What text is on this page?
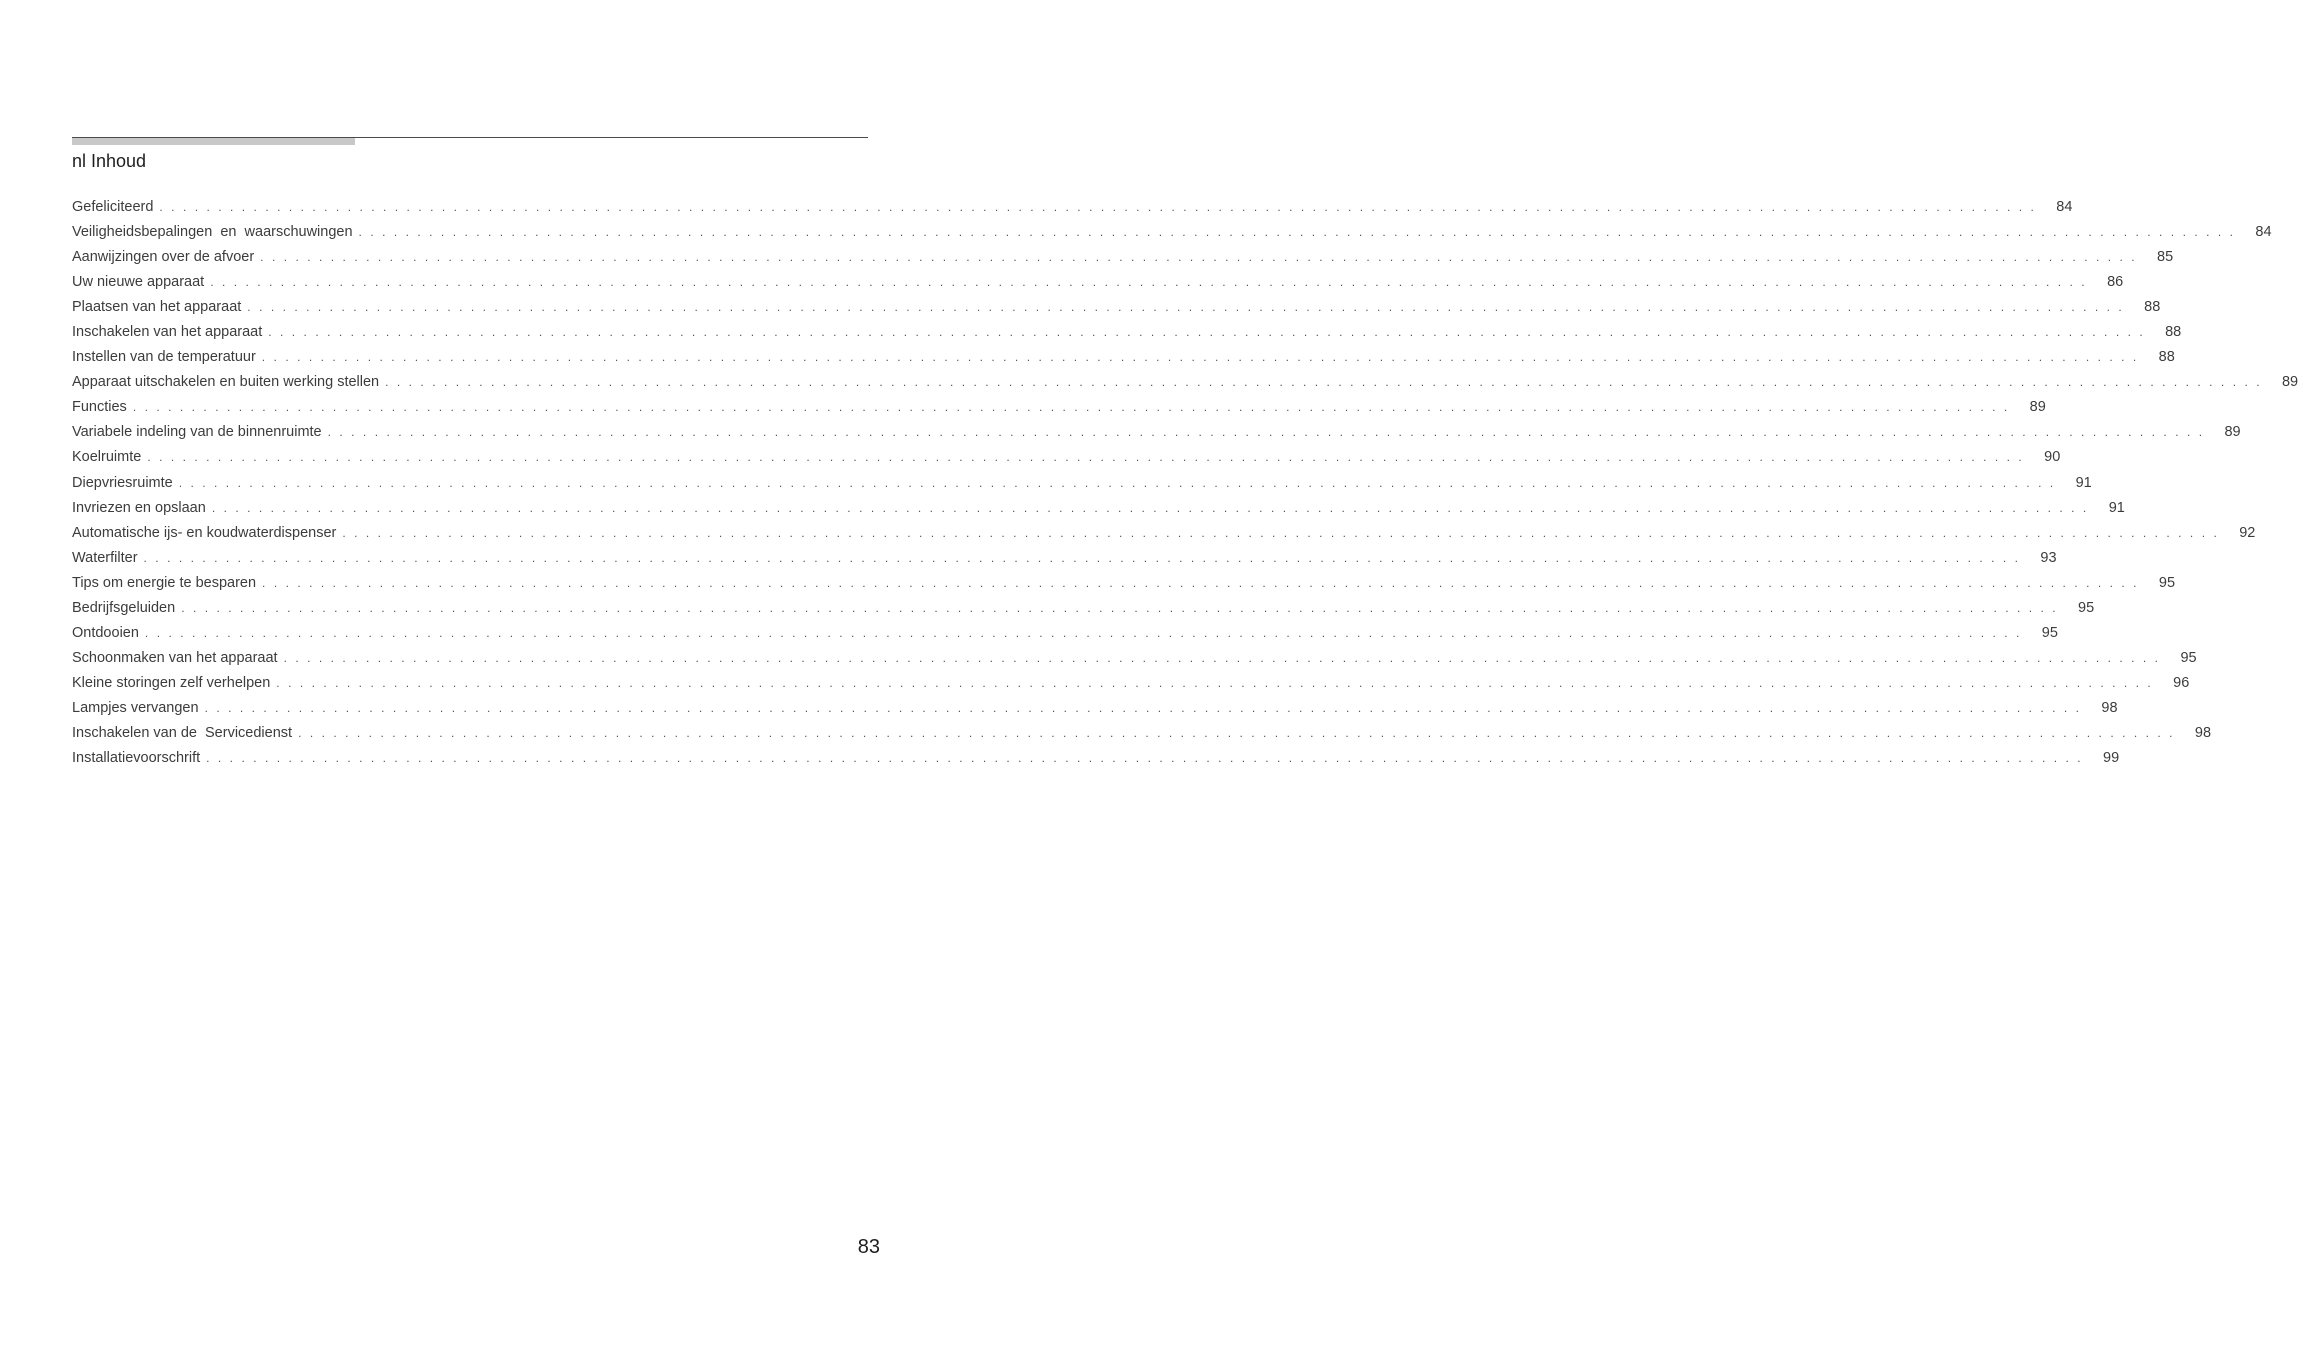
nl Inhoud
Gefeliciteerd . . . . . . . . . . . . . . . . . . . . . . . . . . . . . . . . . . . . . . . . . . . . . . . . . . . . . . . . . . . . . . . . . . . . . . . . . . . . . . . . . . . . . . . . . . . . . . . . . . . . . . . . . . . . . . . . . . . . . . . . . . . . . . . . . . . . . . . . . . . . . . . . . . . . . . . . . . . . . . . .	84
Veiligheidsbepalingen  en  waarschuwingen . . . . . . . . . . . . . . . . . . . . . . . . . . . . . . . . . . . . . . . . . . . . . . . . . . . . . . . . . . . . . . . . . . . . . . . . . . . . . . . . . . . . . . . . . . . . . . . . . . . . . . . . . . . . . . . . . . . . . . . . . . . . . . . . . . . . . . . . . . . . . . . . . . . . . . . . . . . . . . . .	84
Aanwijzingen over de afvoer . . . . . . . . . . . . . . . . . . . . . . . . . . . . . . . . . . . . . . . . . . . . . . . . . . . . . . . . . . . . . . . . . . . . . . . . . . . . . . . . . . . . . . . . . . . . . . . . . . . . . . . . . . . . . . . . . . . . . . . . . . . . . . . . . . . . . . . . . . . . . . . . . . . . . . . . . . . . . . . .	85
Uw nieuwe apparaat . . . . . . . . . . . . . . . . . . . . . . . . . . . . . . . . . . . . . . . . . . . . . . . . . . . . . . . . . . . . . . . . . . . . . . . . . . . . . . . . . . . . . . . . . . . . . . . . . . . . . . . . . . . . . . . . . . . . . . . . . . . . . . . . . . . . . . . . . . . . . . . . . . . . . . . . . . . . . . . .	86
Plaatsen van het apparaat . . . . . . . . . . . . . . . . . . . . . . . . . . . . . . . . . . . . . . . . . . . . . . . . . . . . . . . . . . . . . . . . . . . . . . . . . . . . . . . . . . . . . . . . . . . . . . . . . . . . . . . . . . . . . . . . . . . . . . . . . . . . . . . . . . . . . . . . . . . . . . . . . . . . . . . . . . . . . . . .	88
Inschakelen van het apparaat . . . . . . . . . . . . . . . . . . . . . . . . . . . . . . . . . . . . . . . . . . . . . . . . . . . . . . . . . . . . . . . . . . . . . . . . . . . . . . . . . . . . . . . . . . . . . . . . . . . . . . . . . . . . . . . . . . . . . . . . . . . . . . . . . . . . . . . . . . . . . . . . . . . . . . . . . . . . . . . .	88
Instellen van de temperatuur . . . . . . . . . . . . . . . . . . . . . . . . . . . . . . . . . . . . . . . . . . . . . . . . . . . . . . . . . . . . . . . . . . . . . . . . . . . . . . . . . . . . . . . . . . . . . . . . . . . . . . . . . . . . . . . . . . . . . . . . . . . . . . . . . . . . . . . . . . . . . . . . . . . . . . . . . . . . . . . .	88
Apparaat uitschakelen en buiten werking stellen . . . . . . . . . . . . . . . . . . . . . . . . . . . . . . . . . . . . . . . . . . . . . . . . . . . . . . . . . . . . . . . . . . . . . . . . . . . . . . . . . . . . . . . . . . . . . . . . . . . . . . . . . . . . . . . . . . . . . . . . . . . . . . . . . . . . . . . . . . . . . . . . . . . . . . . . . . . . . . . .	89
Functies . . . . . . . . . . . . . . . . . . . . . . . . . . . . . . . . . . . . . . . . . . . . . . . . . . . . . . . . . . . . . . . . . . . . . . . . . . . . . . . . . . . . . . . . . . . . . . . . . . . . . . . . . . . . . . . . . . . . . . . . . . . . . . . . . . . . . . . . . . . . . . . . . . . . . . . . . . . . . . . .	89
Variabele indeling van de binnenruimte . . . . . . . . . . . . . . . . . . . . . . . . . . . . . . . . . . . . . . . . . . . . . . . . . . . . . . . . . . . . . . . . . . . . . . . . . . . . . . . . . . . . . . . . . . . . . . . . . . . . . . . . . . . . . . . . . . . . . . . . . . . . . . . . . . . . . . . . . . . . . . . . . . . . . . . . . . . . . . . .	89
Koelruimte . . . . . . . . . . . . . . . . . . . . . . . . . . . . . . . . . . . . . . . . . . . . . . . . . . . . . . . . . . . . . . . . . . . . . . . . . . . . . . . . . . . . . . . . . . . . . . . . . . . . . . . . . . . . . . . . . . . . . . . . . . . . . . . . . . . . . . . . . . . . . . . . . . . . . . . . . . . . . . . .	90
Diepvriesruimte . . . . . . . . . . . . . . . . . . . . . . . . . . . . . . . . . . . . . . . . . . . . . . . . . . . . . . . . . . . . . . . . . . . . . . . . . . . . . . . . . . . . . . . . . . . . . . . . . . . . . . . . . . . . . . . . . . . . . . . . . . . . . . . . . . . . . . . . . . . . . . . . . . . . . . . . . . . . . . . .	91
Invriezen en opslaan . . . . . . . . . . . . . . . . . . . . . . . . . . . . . . . . . . . . . . . . . . . . . . . . . . . . . . . . . . . . . . . . . . . . . . . . . . . . . . . . . . . . . . . . . . . . . . . . . . . . . . . . . . . . . . . . . . . . . . . . . . . . . . . . . . . . . . . . . . . . . . . . . . . . . . . . . . . . . . . .	91
Automatische ijs- en koudwaterdispenser . . . . . . . . . . . . . . . . . . . . . . . . . . . . . . . . . . . . . . . . . . . . . . . . . . . . . . . . . . . . . . . . . . . . . . . . . . . . . . . . . . . . . . . . . . . . . . . . . . . . . . . . . . . . . . . . . . . . . . . . . . . . . . . . . . . . . . . . . . . . . . . . . . . . . . . . . . . . . . . .	92
Waterfilter . . . . . . . . . . . . . . . . . . . . . . . . . . . . . . . . . . . . . . . . . . . . . . . . . . . . . . . . . . . . . . . . . . . . . . . . . . . . . . . . . . . . . . . . . . . . . . . . . . . . . . . . . . . . . . . . . . . . . . . . . . . . . . . . . . . . . . . . . . . . . . . . . . . . . . . . . . . . . . . .	93
Tips om energie te besparen . . . . . . . . . . . . . . . . . . . . . . . . . . . . . . . . . . . . . . . . . . . . . . . . . . . . . . . . . . . . . . . . . . . . . . . . . . . . . . . . . . . . . . . . . . . . . . . . . . . . . . . . . . . . . . . . . . . . . . . . . . . . . . . . . . . . . . . . . . . . . . . . . . . . . . . . . . . . . . . .	95
Bedrijfsgeluiden . . . . . . . . . . . . . . . . . . . . . . . . . . . . . . . . . . . . . . . . . . . . . . . . . . . . . . . . . . . . . . . . . . . . . . . . . . . . . . . . . . . . . . . . . . . . . . . . . . . . . . . . . . . . . . . . . . . . . . . . . . . . . . . . . . . . . . . . . . . . . . . . . . . . . . . . . . . . . . . .	95
Ontdooien . . . . . . . . . . . . . . . . . . . . . . . . . . . . . . . . . . . . . . . . . . . . . . . . . . . . . . . . . . . . . . . . . . . . . . . . . . . . . . . . . . . . . . . . . . . . . . . . . . . . . . . . . . . . . . . . . . . . . . . . . . . . . . . . . . . . . . . . . . . . . . . . . . . . . . . . . . . . . . . .	95
Schoonmaken van het apparaat . . . . . . . . . . . . . . . . . . . . . . . . . . . . . . . . . . . . . . . . . . . . . . . . . . . . . . . . . . . . . . . . . . . . . . . . . . . . . . . . . . . . . . . . . . . . . . . . . . . . . . . . . . . . . . . . . . . . . . . . . . . . . . . . . . . . . . . . . . . . . . . . . . . . . . . . . . . . . . . .	95
Kleine storingen zelf verhelpen . . . . . . . . . . . . . . . . . . . . . . . . . . . . . . . . . . . . . . . . . . . . . . . . . . . . . . . . . . . . . . . . . . . . . . . . . . . . . . . . . . . . . . . . . . . . . . . . . . . . . . . . . . . . . . . . . . . . . . . . . . . . . . . . . . . . . . . . . . . . . . . . . . . . . . . . . . . . . . . .	96
Lampjes vervangen . . . . . . . . . . . . . . . . . . . . . . . . . . . . . . . . . . . . . . . . . . . . . . . . . . . . . . . . . . . . . . . . . . . . . . . . . . . . . . . . . . . . . . . . . . . . . . . . . . . . . . . . . . . . . . . . . . . . . . . . . . . . . . . . . . . . . . . . . . . . . . . . . . . . . . . . . . . . . . . .	98
Inschakelen van de  Servicedienst . . . . . . . . . . . . . . . . . . . . . . . . . . . . . . . . . . . . . . . . . . . . . . . . . . . . . . . . . . . . . . . . . . . . . . . . . . . . . . . . . . . . . . . . . . . . . . . . . . . . . . . . . . . . . . . . . . . . . . . . . . . . . . . . . . . . . . . . . . . . . . . . . . . . . . . . . . . . . . . .	98
Installatievoorschrift . . . . . . . . . . . . . . . . . . . . . . . . . . . . . . . . . . . . . . . . . . . . . . . . . . . . . . . . . . . . . . . . . . . . . . . . . . . . . . . . . . . . . . . . . . . . . . . . . . . . . . . . . . . . . . . . . . . . . . . . . . . . . . . . . . . . . . . . . . . . . . . . . . . . . . . . . . . . . . . .	99
83
